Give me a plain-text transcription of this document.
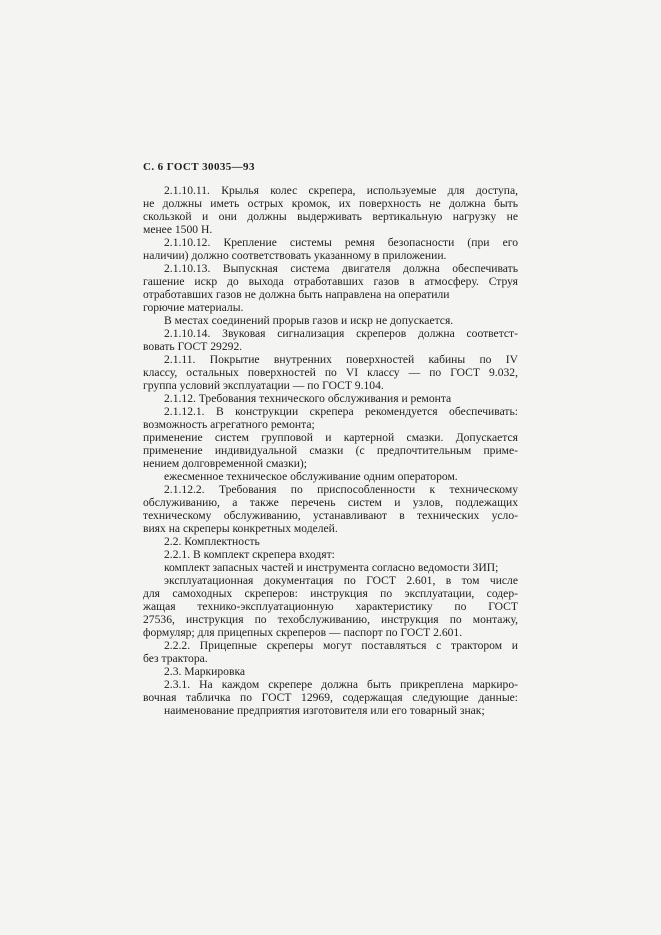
С. 6 ГОСТ 30035—93
2.1.10.11. Крылья колес скрепера, используемые для доступа,
не должны иметь острых кромок, их поверхность не должна быть
скользкой и они должны выдерживать вертикальную нагрузку не
менее 1500 Н.
2.1.10.12. Крепление системы ремня безопасности (при его
наличии) должно соответствовать указанному в приложении.
2.1.10.13. Выпускная система двигателя должна обеспечивать
гашение искр до выхода отработавших газов в атмосферу. Струя
отработавших газов не должна быть направлена на оператили
горючие материалы.
В местах соединений прорыв газов и искр не допускается.
2.1.10.14. Звуковая сигнализация скреперов должна соответст-
вовать ГОСТ 29292.
2.1.11. Покрытие внутренних поверхностей кабины по IV
классу, остальных поверхностей по VI классу — по ГОСТ 9.032,
группа условий эксплуатации — по ГОСТ 9.104.
2.1.12. Требования технического обслуживания и ремонта
2.1.12.1. В конструкции скрепера рекомендуется обеспечивать:
возможность агрегатного ремонта;
применение систем групповой и картерной смазки. Допускается
применение индивидуальной смазки (с предпочтительным приме-
нением долговременной смазки);
ежесменное техническое обслуживание одним оператором.
2.1.12.2. Требования по приспособленности к техническому
обслуживанию, а также перечень систем и узлов, подлежащих
техническому обслуживанию, устанавливают в технических усло-
виях на скреперы конкретных моделей.
2.2. Комплектность
2.2.1. В комплект скрепера входят:
комплект запасных частей и инструмента согласно ведомости ЗИП;
эксплуатационная документация по ГОСТ 2.601, в том числе
для самоходных скреперов: инструкция по эксплуатации, содер-
жащая технико-эксплуатационную характеристику по ГОСТ
27536, инструкция по техобслуживанию, инструкция по монтажу,
формуляр; для прицепных скреперов — паспорт по ГОСТ 2.601.
2.2.2. Прицепные скреперы могут поставляться с трактором и
без трактора.
2.3. Маркировка
2.3.1. На каждом скрепере должна быть прикреплена маркиро-
вочная табличка по ГОСТ 12969, содержащая следующие данные:
наименование предприятия изготовителя или его товарный знак;
